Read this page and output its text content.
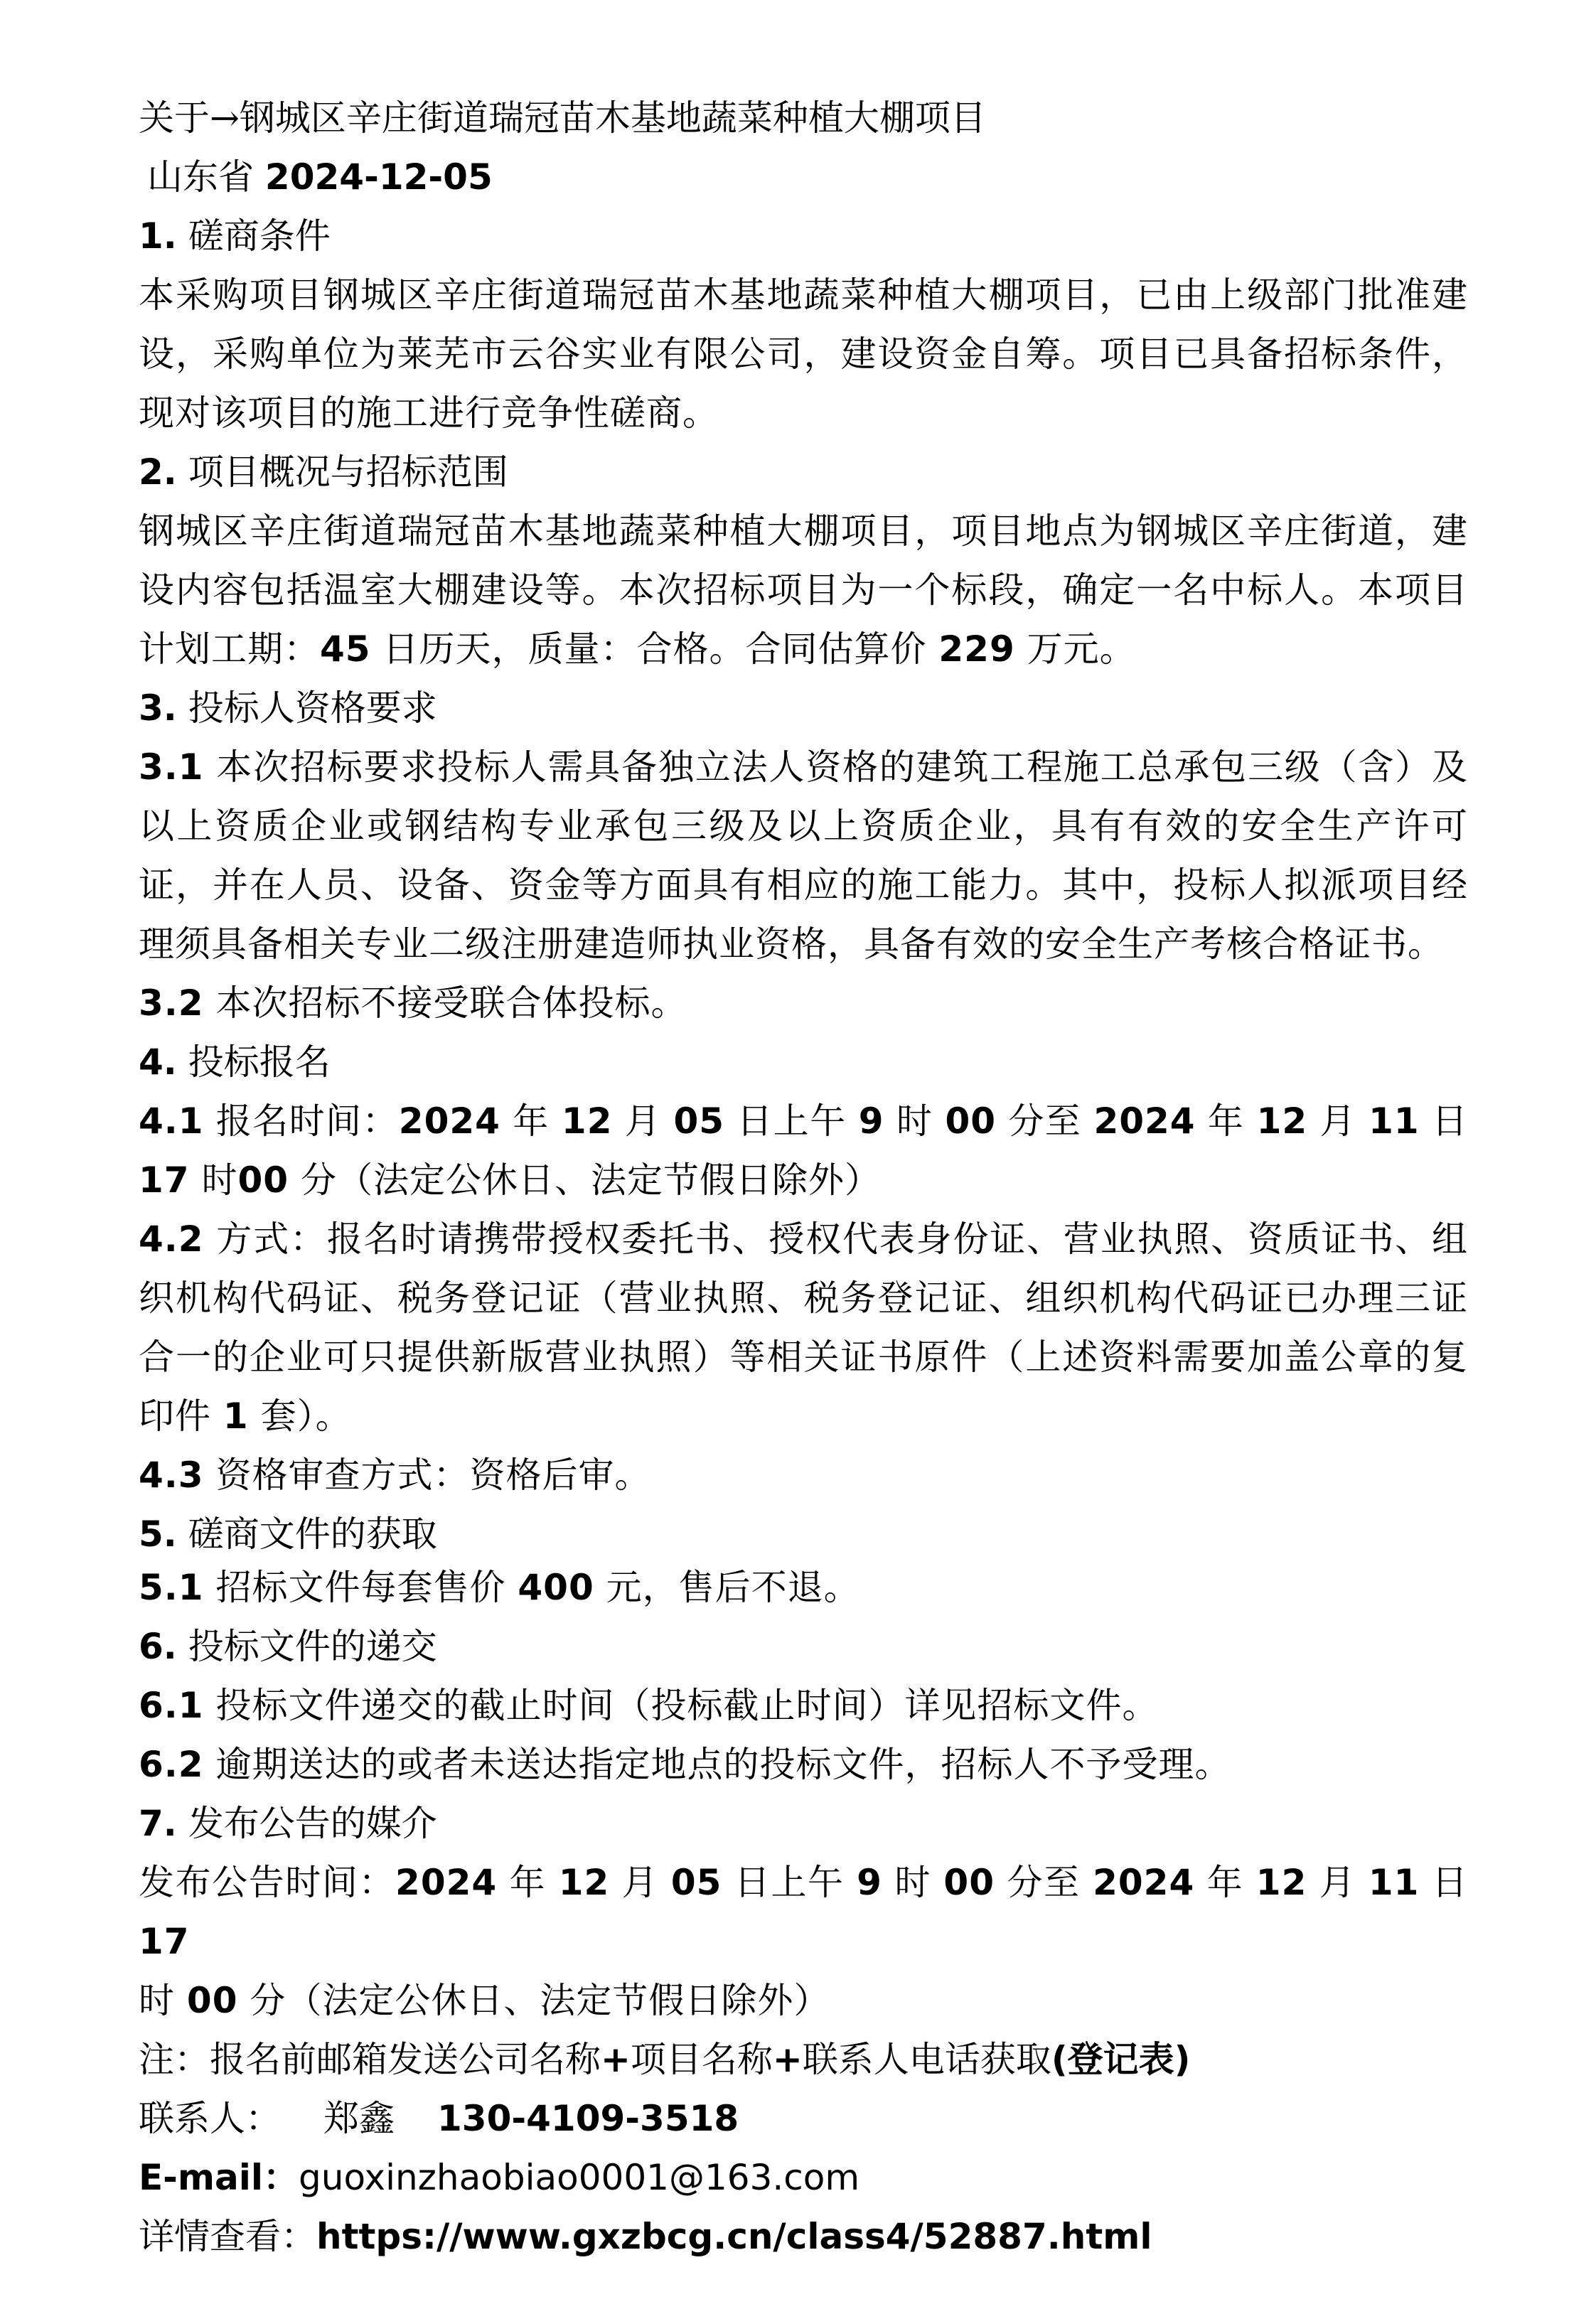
关于→钢城区辛庄街道瑞冠苗木基地蔬菜种植大棚项目

山东省 2024-12-05

1. 磋商条件

本采购项目钢城区辛庄街道瑞冠苗木基地蔬菜种植大棚项目，已由上级部门批准建设，采购单位为莱芜市云谷实业有限公司，建设资金自筹。项目已具备招标条件，现对该项目的施工进行竞争性磋商。

2. 项目概况与招标范围

钢城区辛庄街道瑞冠苗木基地蔬菜种植大棚项目，项目地点为钢城区辛庄街道，建设内容包括温室大棚建设等。本次招标项目为一个标段，确定一名中标人。本项目计划工期：45 日历天，质量：合格。合同估算价 229 万元。

3. 投标人资格要求

3.1 本次招标要求投标人需具备独立法人资格的建筑工程施工总承包三级（含）及以上资质企业或钢结构专业承包三级及以上资质企业，具有有效的安全生产许可证，并在人员、设备、资金等方面具有相应的施工能力。其中，投标人拟派项目经理须具备相关专业二级注册建造师执业资格，具备有效的安全生产考核合格证书。

3.2 本次招标不接受联合体投标。

4. 投标报名

4.1 报名时间：2024 年 12 月 05 日上午 9 时 00 分至 2024 年 12 月 11 日 17 时00 分（法定公休日、法定节假日除外）

4.2 方式：报名时请携带授权委托书、授权代表身份证、营业执照、资质证书、组织机构代码证、税务登记证（营业执照、税务登记证、组织机构代码证已办理三证合一的企业可只提供新版营业执照）等相关证书原件（上述资料需要加盖公章的复印件 1 套）。

4.3 资格审查方式：资格后审。

5. 磋商文件的获取

5.1 招标文件每套售价 400 元，售后不退。

6. 投标文件的递交

6.1 投标文件递交的截止时间（投标截止时间）详见招标文件。

6.2 逾期送达的或者未送达指定地点的投标文件，招标人不予受理。

7. 发布公告的媒介

发布公告时间：2024 年 12 月 05 日上午 9 时 00 分至 2024 年 12 月 11 日 17
时 00 分（法定公休日、法定节假日除外）

注：报名前邮箱发送公司名称+项目名称+联系人电话获取(登记表)

联系人： 郑鑫 130-4109-3518

E-mail：guoxinzhaobiao0001@163.com

详情查看：https://www.gxzbcg.cn/class4/52887.html
